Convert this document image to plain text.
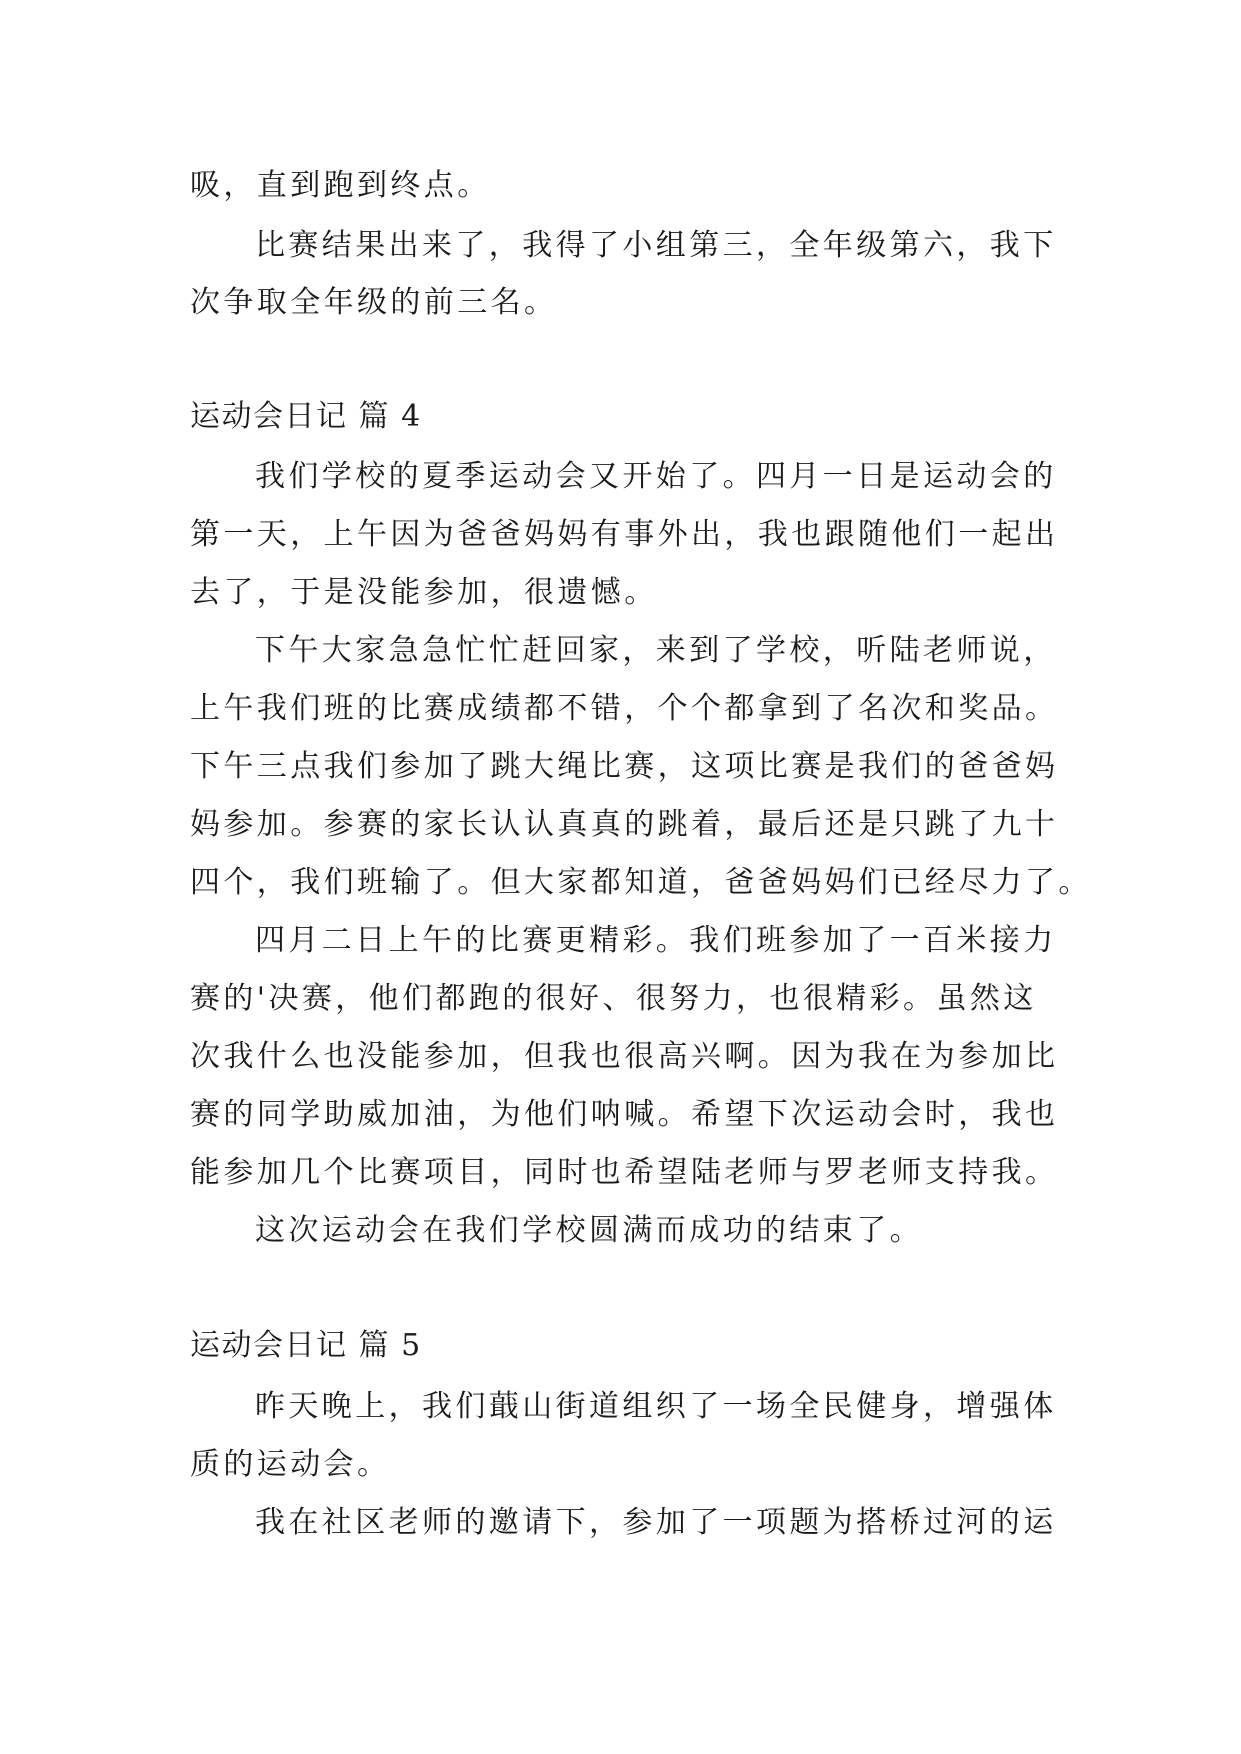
吸，直到跑到终点。
比赛结果出来了，我得了小组第三，全年级第六，我下
次争取全年级的前三名。
运动会日记 篇 4
我们学校的夏季运动会又开始了。四月一日是运动会的
第一天，上午因为爸爸妈妈有事外出，我也跟随他们一起出
去了，于是没能参加，很遗憾。
下午大家急急忙忙赶回家，来到了学校，听陆老师说，
上午我们班的比赛成绩都不错，个个都拿到了名次和奖品。
下午三点我们参加了跳大绳比赛，这项比赛是我们的爸爸妈
妈参加。参赛的家长认认真真的跳着，最后还是只跳了九十
四个，我们班输了。但大家都知道，爸爸妈妈们已经尽力了。
四月二日上午的比赛更精彩。我们班参加了一百米接力
赛的'决赛，他们都跑的很好、很努力，也很精彩。虽然这
次我什么也没能参加，但我也很高兴啊。因为我在为参加比
赛的同学助威加油，为他们呐喊。希望下次运动会时，我也
能参加几个比赛项目，同时也希望陆老师与罗老师支持我。
这次运动会在我们学校圆满而成功的结束了。
运动会日记 篇 5
昨天晚上，我们蕺山街道组织了一场全民健身，增强体
质的运动会。
我在社区老师的邀请下，参加了一项题为搭桥过河的运
